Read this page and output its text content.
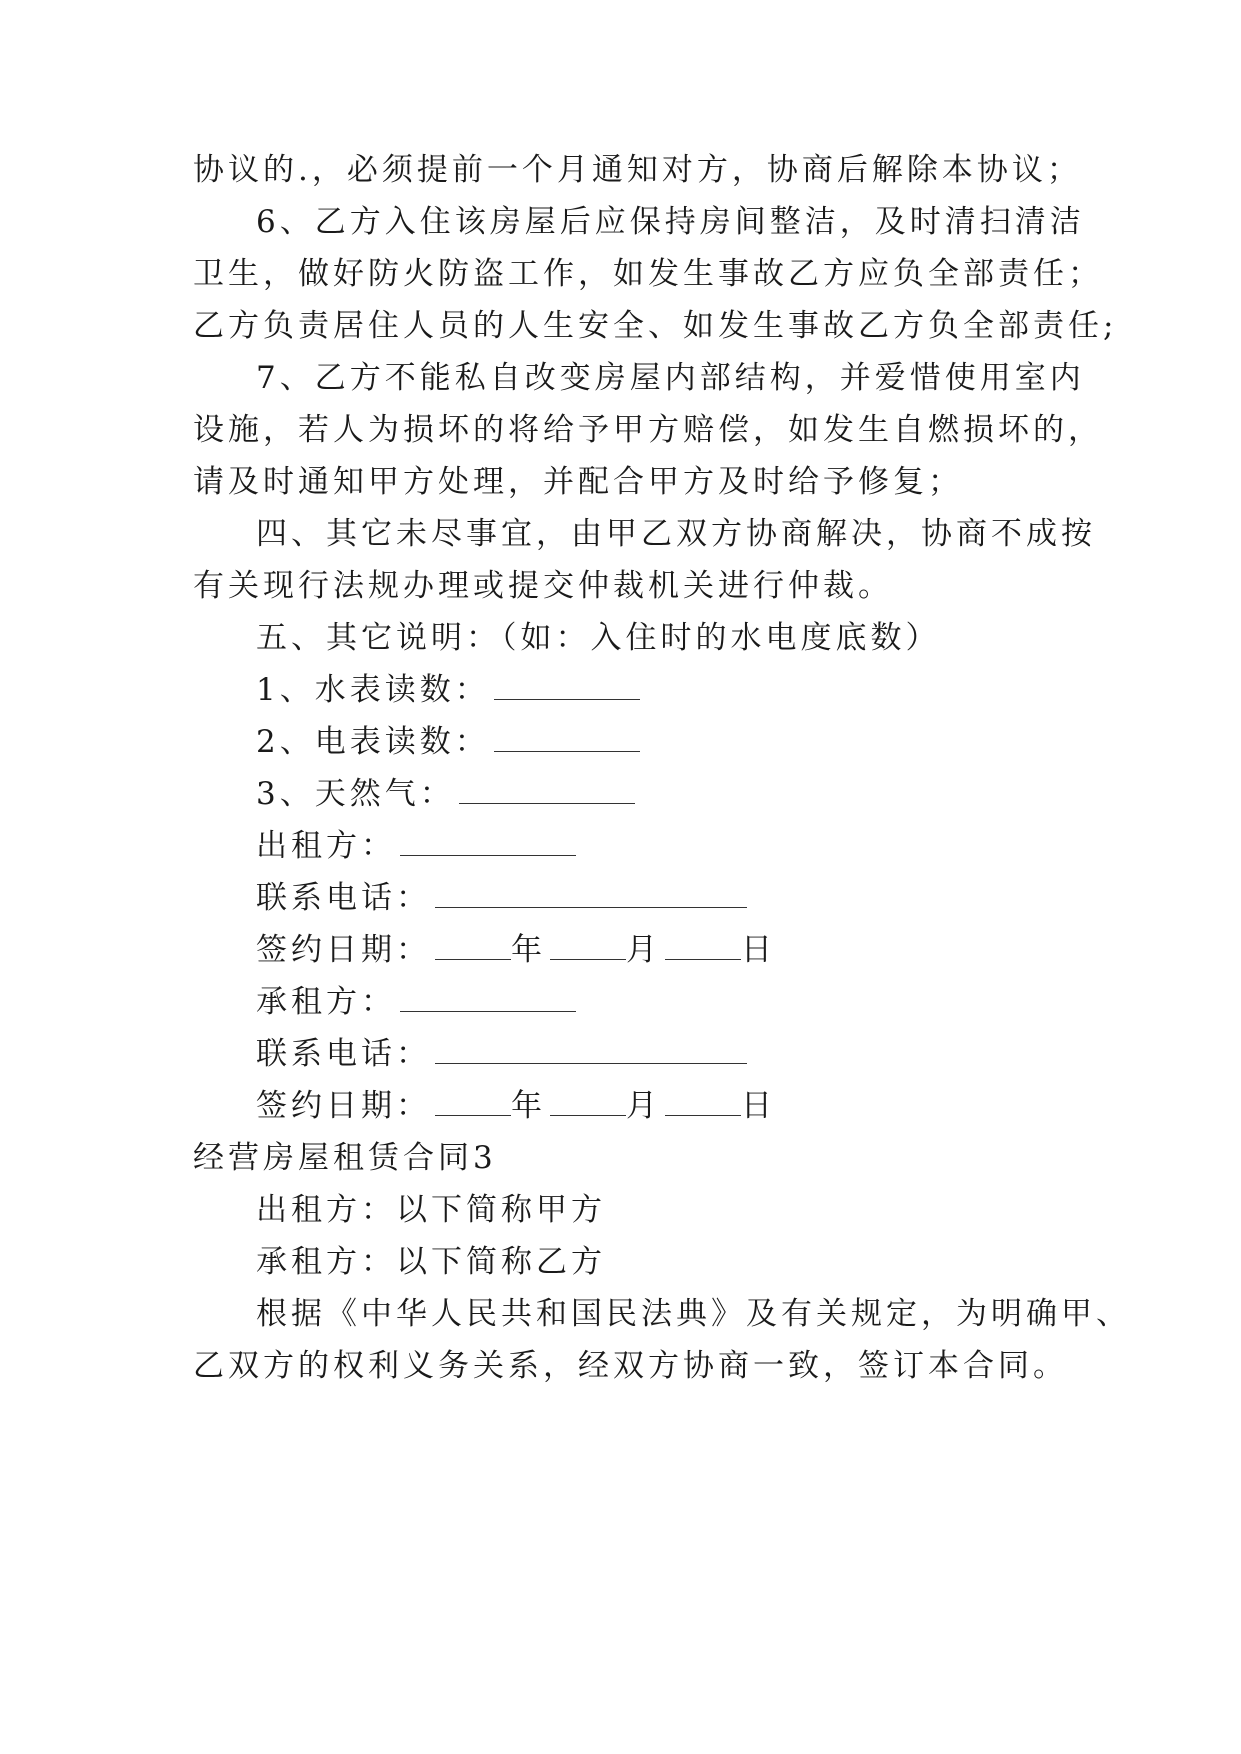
协议的.，必须提前一个月通知对方，协商后解除本协议；
6、乙方入住该房屋后应保持房间整洁，及时清扫清洁
卫生，做好防火防盗工作，如发生事故乙方应负全部责任；
乙方负责居住人员的人生安全、如发生事故乙方负全部责任;
7、乙方不能私自改变房屋内部结构，并爱惜使用室内
设施，若人为损坏的将给予甲方赔偿，如发生自燃损坏的，
请及时通知甲方处理，并配合甲方及时给予修复；
四、其它未尽事宜，由甲乙双方协商解决，协商不成按
有关现行法规办理或提交仲裁机关进行仲裁。
五、其它说明：（如：入住时的水电度底数）
1、水表读数：
2、电表读数：
3、天然气：
出租方：
联系电话：
签约日期：	年	月	日
承租方：
联系电话：
签约日期：	年	月	日
经营房屋租赁合同3
出租方：以下简称甲方
承租方：以下简称乙方
根据《中华人民共和国民法典》及有关规定，为明确甲、
乙双方的权利义务关系，经双方协商一致，签订本合同。
